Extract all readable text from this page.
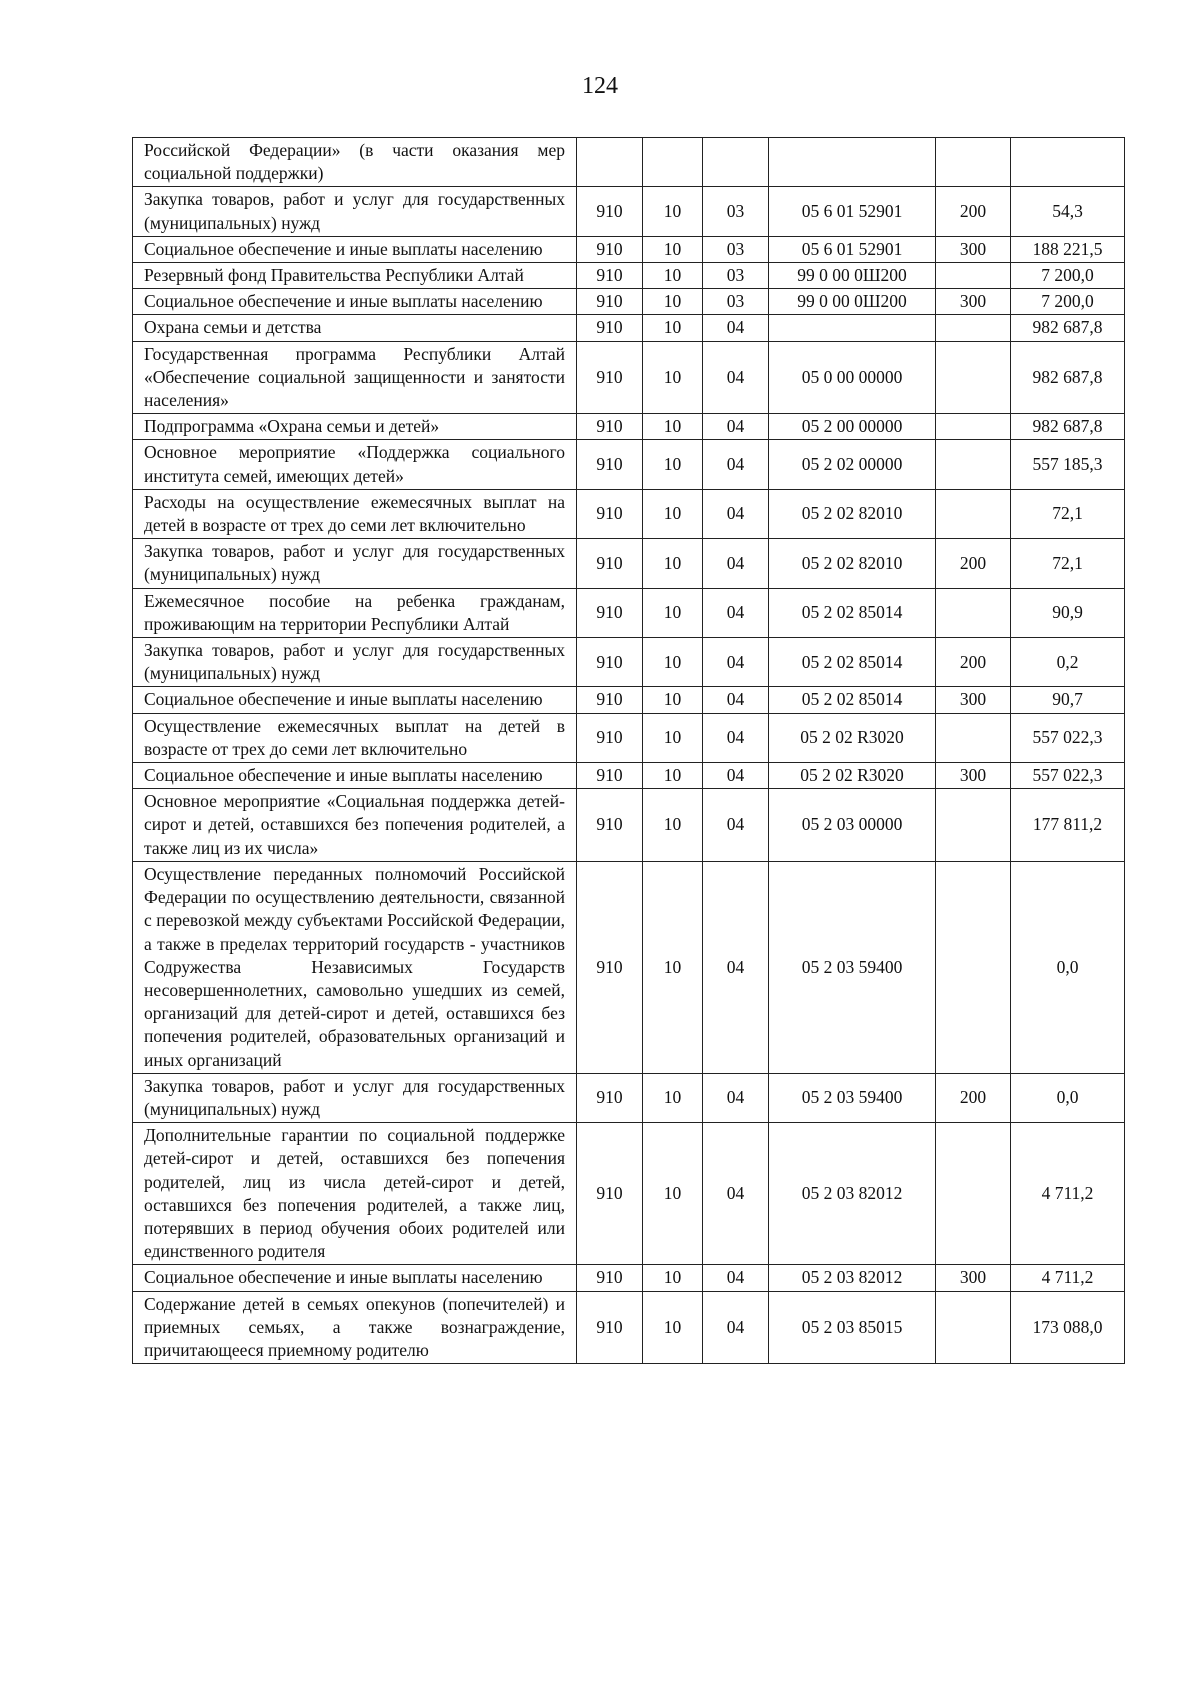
124
Российской Федерации» (в части оказания мер социальной поддержки)						
Закупка товаров, работ и услуг для государственных (муниципальных) нужд	910	10	03	05 6 01 52901	200	54,3
Социальное обеспечение и иные выплаты населению	910	10	03	05 6 01 52901	300	188 221,5
Резервный фонд Правительства Республики Алтай	910	10	03	99 0 00 0Ш200		7 200,0
Социальное обеспечение и иные выплаты населению	910	10	03	99 0 00 0Ш200	300	7 200,0
Охрана семьи и детства	910	10	04			982 687,8
Государственная программа Республики Алтай «Обеспечение социальной защищенности и занятости населения»	910	10	04	05 0 00 00000		982 687,8
Подпрограмма «Охрана семьи и детей»	910	10	04	05 2 00 00000		982 687,8
Основное мероприятие «Поддержка социального института семей, имеющих детей»	910	10	04	05 2 02 00000		557 185,3
Расходы на осуществление ежемесячных выплат на детей в возрасте от трех до семи лет включительно	910	10	04	05 2 02 82010		72,1
Закупка товаров, работ и услуг для государственных (муниципальных) нужд	910	10	04	05 2 02 82010	200	72,1
Ежемесячное пособие на ребенка гражданам, проживающим на территории Республики Алтай	910	10	04	05 2 02 85014		90,9
Закупка товаров, работ и услуг для государственных (муниципальных) нужд	910	10	04	05 2 02 85014	200	0,2
Социальное обеспечение и иные выплаты населению	910	10	04	05 2 02 85014	300	90,7
Осуществление ежемесячных выплат на детей в возрасте от трех до семи лет включительно	910	10	04	05 2 02 R3020		557 022,3
Социальное обеспечение и иные выплаты населению	910	10	04	05 2 02 R3020	300	557 022,3
Основное мероприятие «Социальная поддержка детей-сирот и детей, оставшихся без попечения родителей, а также лиц из их числа»	910	10	04	05 2 03 00000		177 811,2
Осуществление переданных полномочий Российской Федерации по осуществлению деятельности, связанной с перевозкой между субъектами Российской Федерации, а также в пределах территорий государств - участников Содружества Независимых Государств несовершеннолетних, самовольно ушедших из семей, организаций для детей-сирот и детей, оставшихся без попечения родителей, образовательных организаций и иных организаций	910	10	04	05 2 03 59400		0,0
Закупка товаров, работ и услуг для государственных (муниципальных) нужд	910	10	04	05 2 03 59400	200	0,0
Дополнительные гарантии по социальной поддержке детей-сирот и детей, оставшихся без попечения родителей, лиц из числа детей-сирот и детей, оставшихся без попечения родителей, а также лиц, потерявших в период обучения обоих родителей или единственного родителя	910	10	04	05 2 03 82012		4 711,2
Социальное обеспечение и иные выплаты населению	910	10	04	05 2 03 82012	300	4 711,2
Содержание детей в семьях опекунов (попечителей) и приемных семьях, а также вознаграждение, причитающееся приемному родителю	910	10	04	05 2 03 85015		173 088,0
